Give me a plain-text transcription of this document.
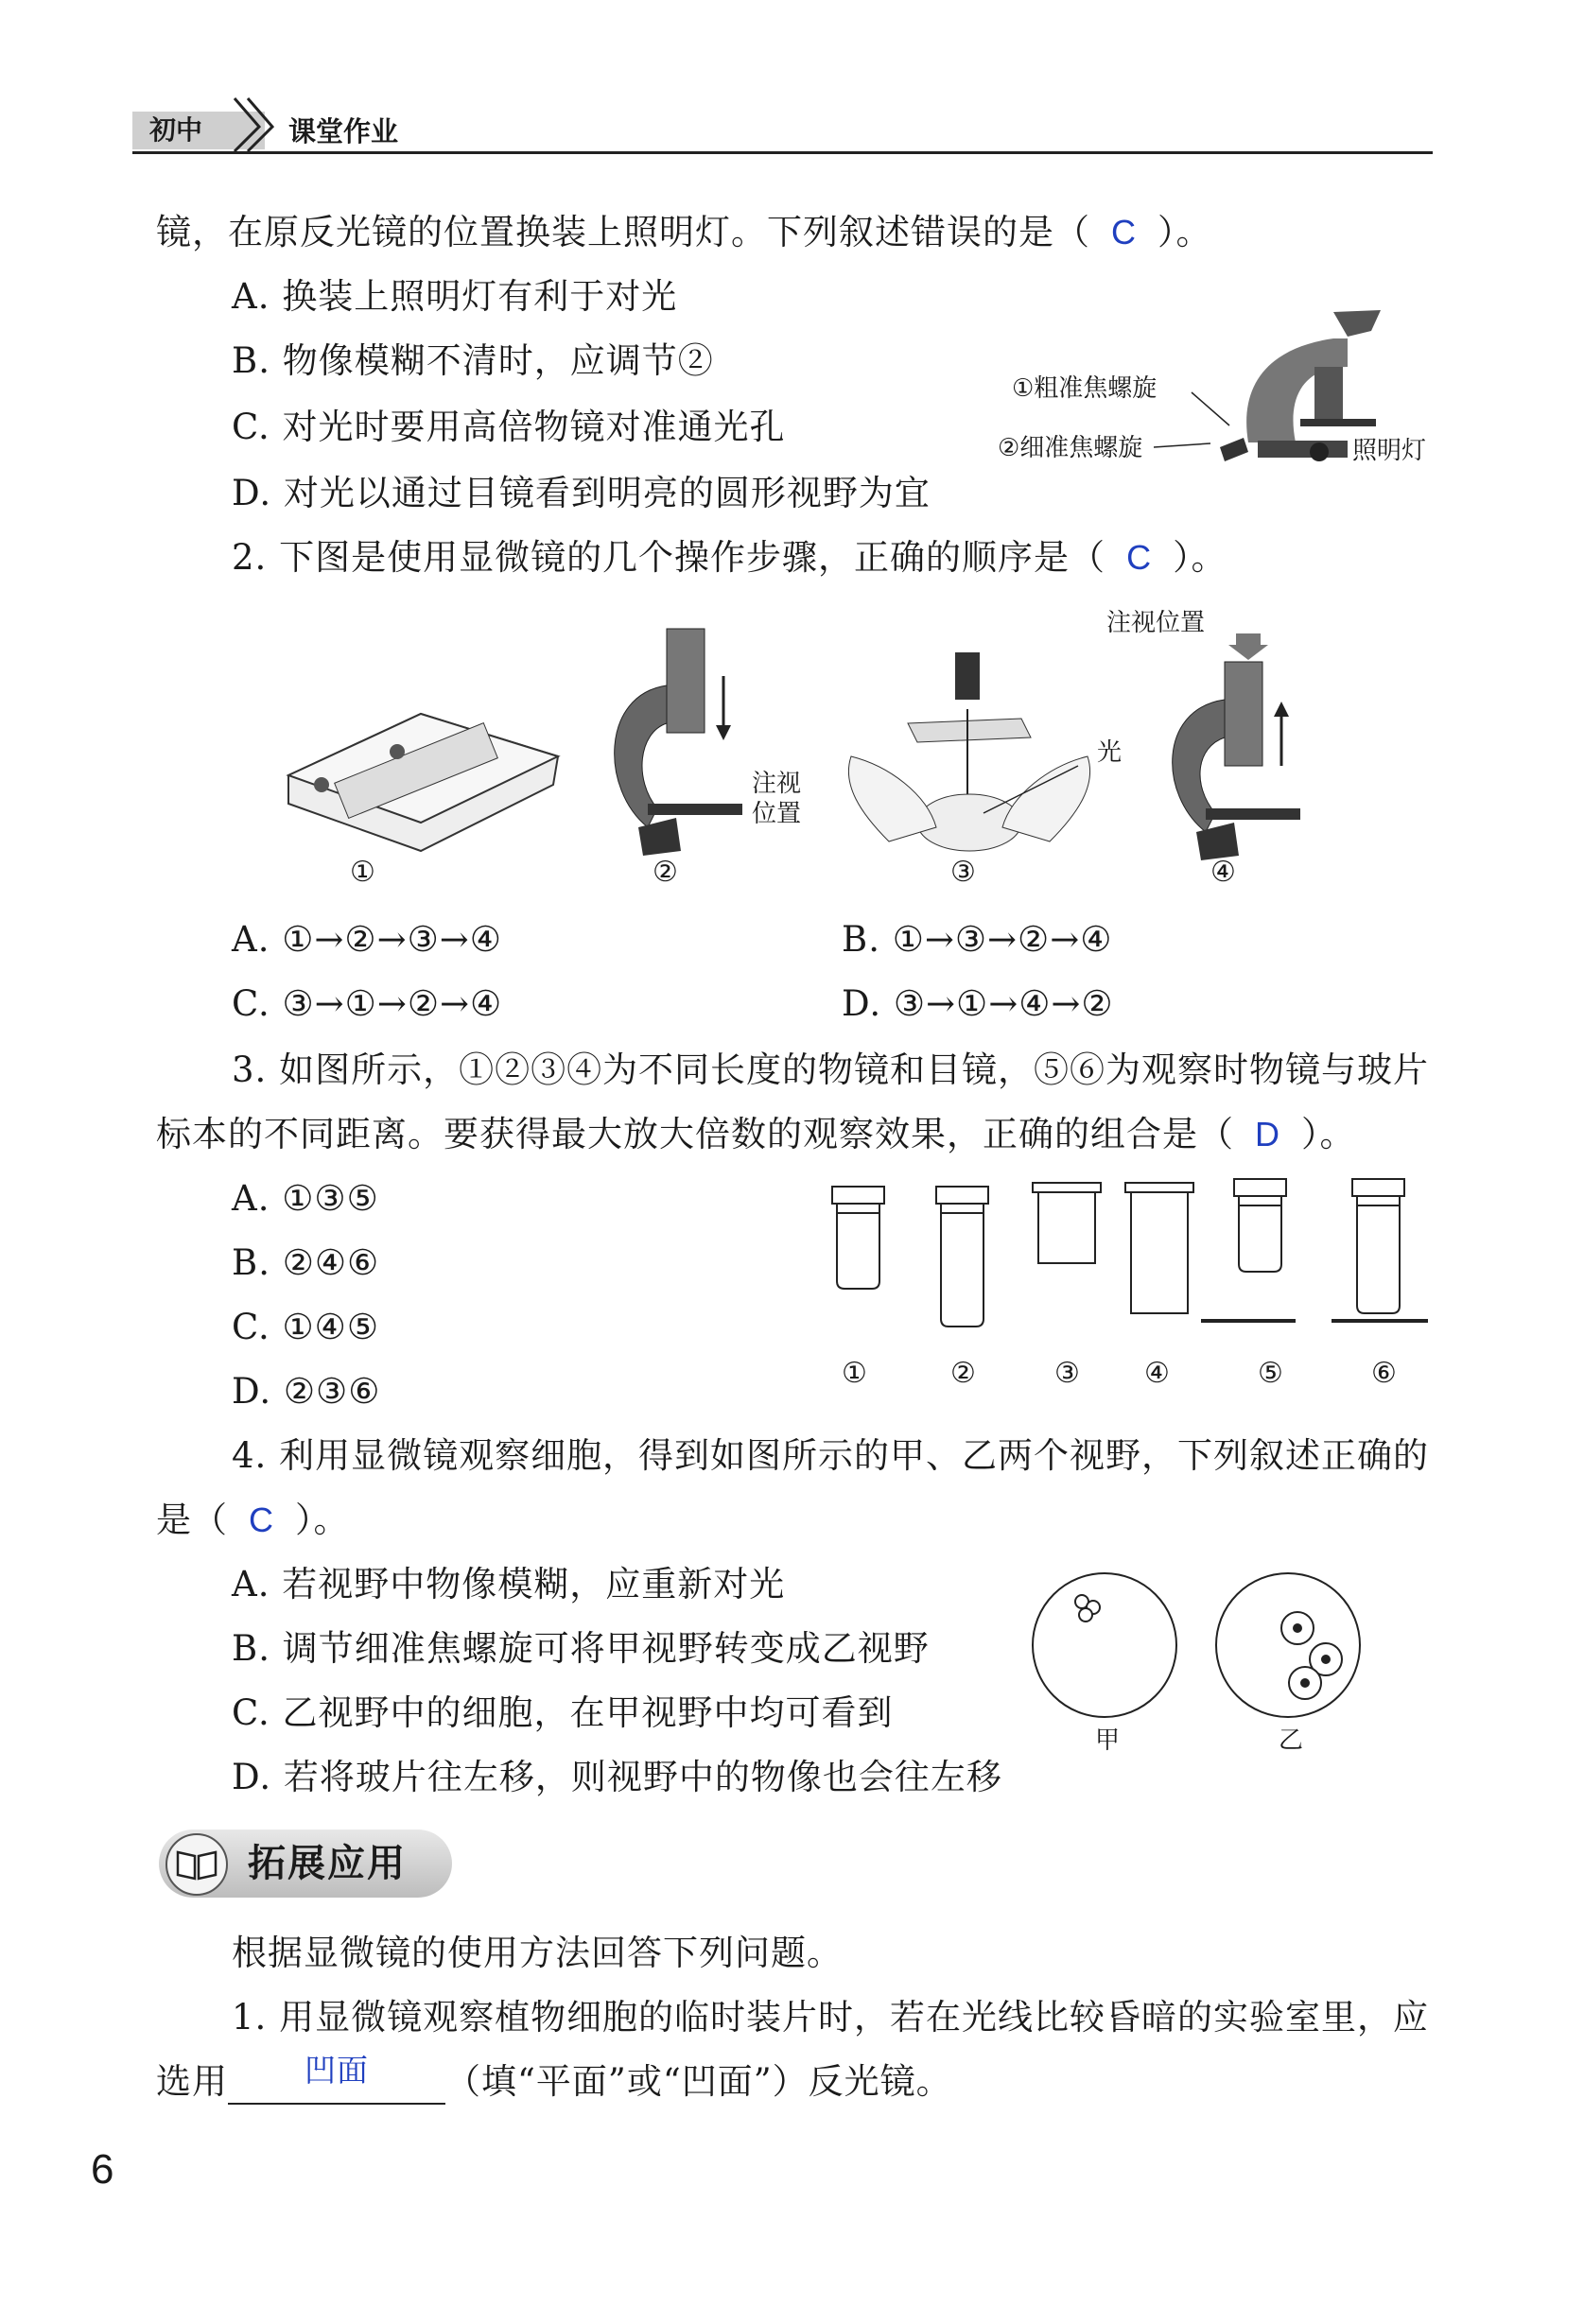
初中	课堂作业
镜，在原反光镜的位置换装上照明灯。下列叙述错误的是（ C ）。
A. 换装上照明灯有利于对光
B. 物像模糊不清时，应调节②
C. 对光时要用高倍物镜对准通光孔
D. 对光以通过目镜看到明亮的圆形视野为宜
①粗准焦螺旋
②细准焦螺旋	照明灯
2. 下图是使用显微镜的几个操作步骤，正确的顺序是（ C ）。
注视
位置
光
注视位置
①	②	③	④
A. ①→②→③→④	B. ①→③→②→④
C. ③→①→②→④	D. ③→①→④→②
3. 如图所示，①②③④为不同长度的物镜和目镜，⑤⑥为观察时物镜与玻片
标本的不同距离。要获得最大放大倍数的观察效果，正确的组合是（ D ）。
A. ①③⑤
B. ②④⑥
C. ①④⑤
D. ②③⑥	①	②	③ ④	⑤	⑥
4. 利用显微镜观察细胞，得到如图所示的甲、乙两个视野，下列叙述正确的
是（ C ）。
A. 若视野中物像模糊，应重新对光
B. 调节细准焦螺旋可将甲视野转变成乙视野
C. 乙视野中的细胞，在甲视野中均可看到
D. 若将玻片往左移，则视野中的物像也会往左移
甲	乙
拓展应用
根据显微镜的使用方法回答下列问题。
1. 用显微镜观察植物细胞的临时装片时，若在光线比较昏暗的实验室里，应
选用	凹面	（填“平面”或“凹面”）反光镜。
6
